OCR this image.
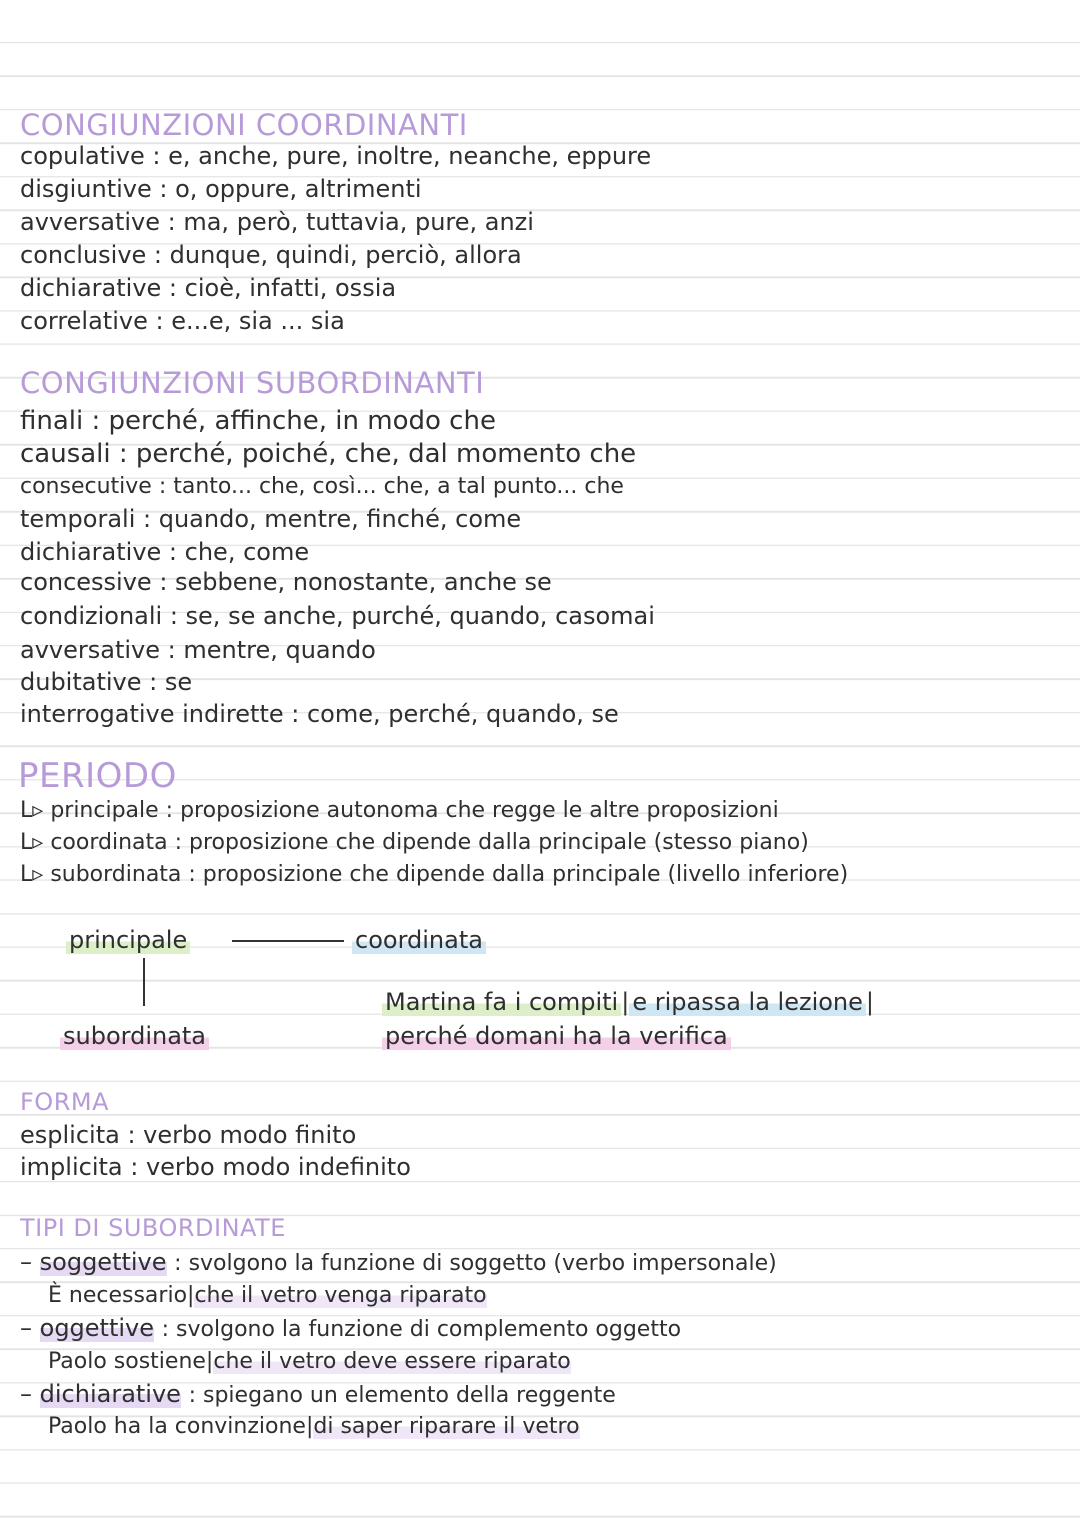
CONGIUNZIONI COORDINANTI
copulative : e, anche, pure, inoltre, neanche, eppure
disgiuntive : o, oppure, altrimenti
avversative : ma, però, tuttavia, pure, anzi
conclusive : dunque, quindi, perciò, allora
dichiarative : cioè, infatti, ossia
correlative : e...e, sia ... sia
CONGIUNZIONI SUBORDINANTI
finali : perché, affinche, in modo che
causali : perché, poiché, che, dal momento che
consecutive : tanto... che, così... che, a tal punto... che
temporali : quando, mentre, finché, come
dichiarative : che, come
concessive : sebbene, nonostante, anche se
condizionali : se, se anche, purché, quando, casomai
avversative : mentre, quando
dubitative : se
interrogative indirette : come, perché, quando, se
PERIODO
L▹ principale : proposizione autonoma che regge le altre proposizioni
L▹ coordinata : proposizione che dipende dalla principale (stesso piano)
L▹ subordinata : proposizione che dipende dalla principale (livello inferiore)
principale	coordinata
subordinata
Martina fa i compiti | e ripassa la lezione |
perché domani ha la verifica
FORMA
esplicita : verbo modo finito
implicita : verbo modo indefinito
TIPI DI SUBORDINATE
– soggettive : svolgono la funzione di soggetto (verbo impersonale)
È necessario|che il vetro venga riparato
– oggettive : svolgono la funzione di complemento oggetto
Paolo sostiene|che il vetro deve essere riparato
– dichiarative : spiegano un elemento della reggente
Paolo ha la convinzione|di saper riparare il vetro
